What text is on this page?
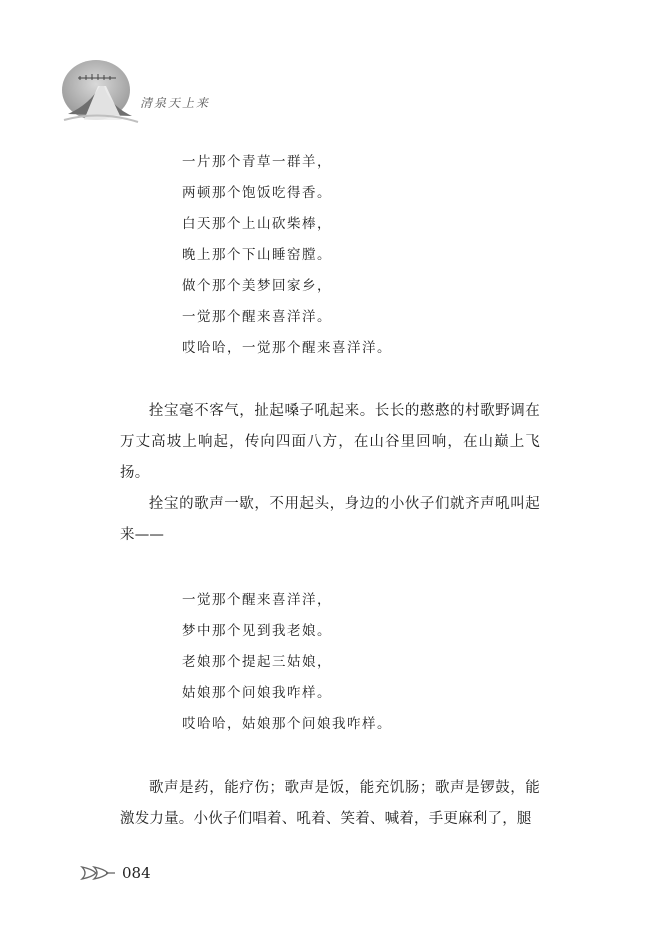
清泉天上来
一片那个青草一群羊，
两顿那个饱饭吃得香。
白天那个上山砍柴棒，
晚上那个下山睡窑膛。
做个那个美梦回家乡，
一觉那个醒来喜洋洋。
哎哈哈，一觉那个醒来喜洋洋。

拴宝毫不客气，扯起嗓子吼起来。长长的憨憨的村歌野调在万丈高坡上响起，传向四面八方，在山谷里回响，在山巅上飞扬。

拴宝的歌声一歇，不用起头，身边的小伙子们就齐声吼叫起来——

一觉那个醒来喜洋洋，
梦中那个见到我老娘。
老娘那个提起三姑娘，
姑娘那个问娘我咋样。
哎哈哈，姑娘那个问娘我咋样。

歌声是药，能疗伤；歌声是饭，能充饥肠；歌声是锣鼓，能激发力量。小伙子们唱着、吼着、笑着、喊着，手更麻利了，腿

084
